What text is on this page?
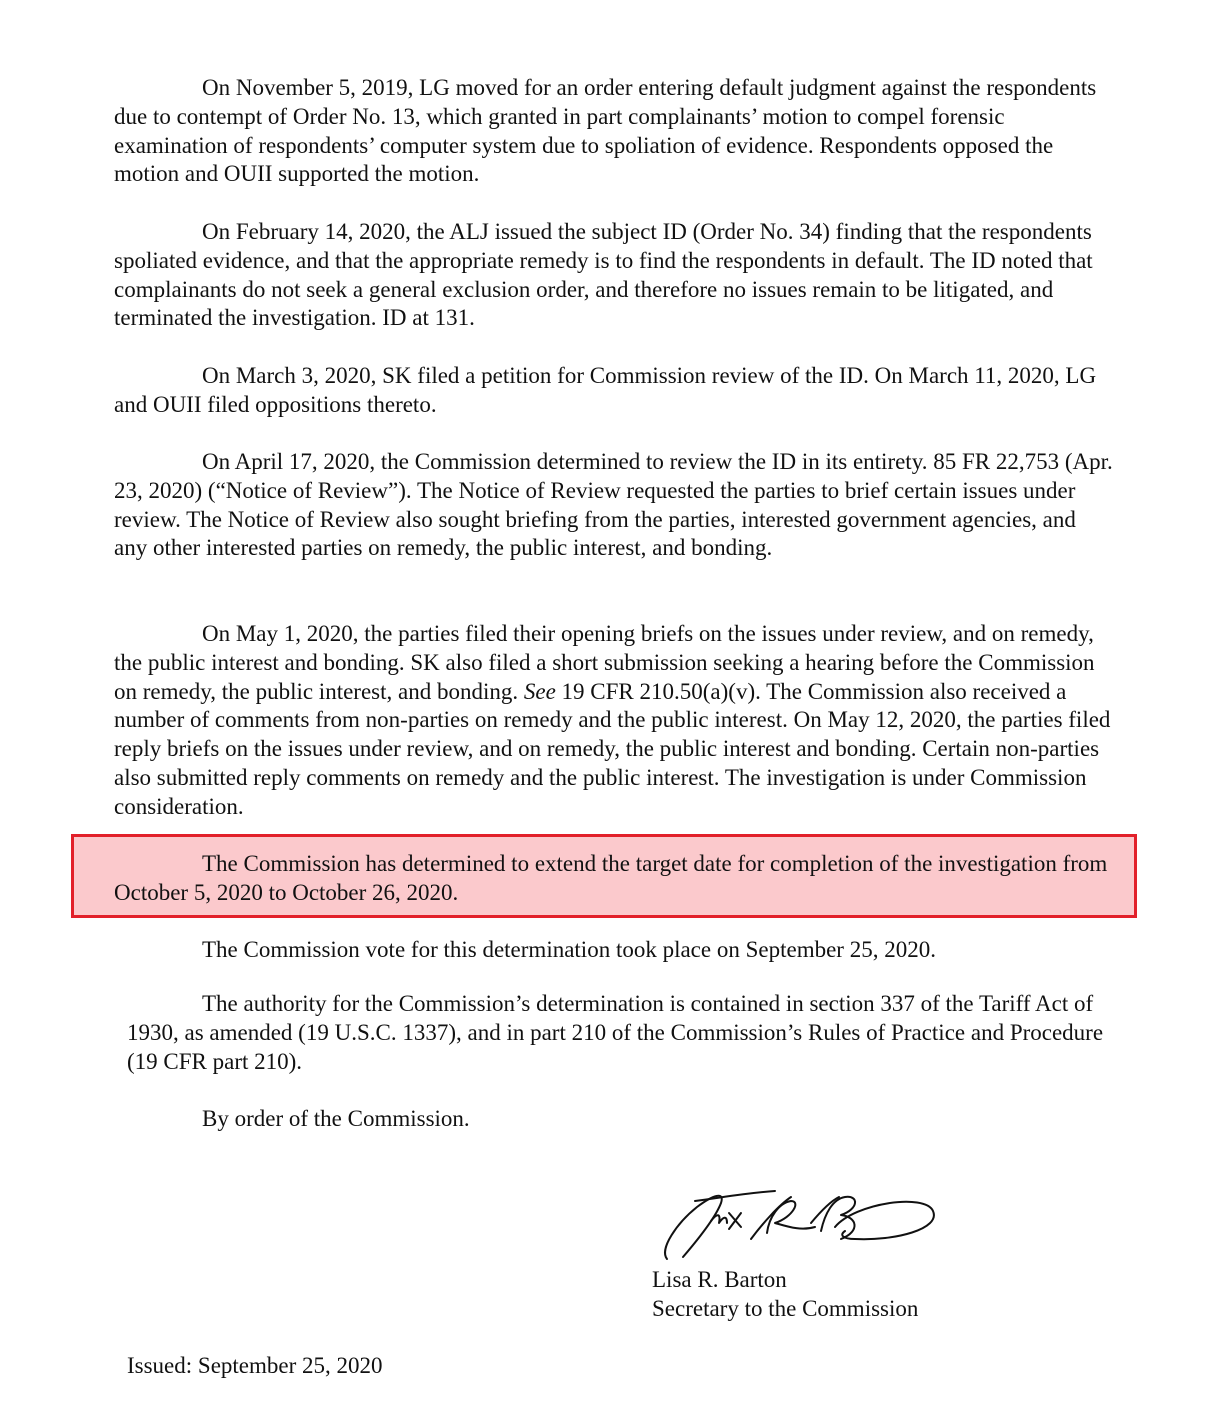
On November 5, 2019, LG moved for an order entering default judgment against the respondents due to contempt of Order No. 13, which granted in part complainants’ motion to compel forensic examination of respondents’ computer system due to spoliation of evidence. Respondents opposed the motion and OUII supported the motion.

On February 14, 2020, the ALJ issued the subject ID (Order No. 34) finding that the respondents spoliated evidence, and that the appropriate remedy is to find the respondents in default. The ID noted that complainants do not seek a general exclusion order, and therefore no issues remain to be litigated, and terminated the investigation. ID at 131.

On March 3, 2020, SK filed a petition for Commission review of the ID. On March 11, 2020, LG and OUII filed oppositions thereto.

On April 17, 2020, the Commission determined to review the ID in its entirety. 85 FR 22,753 (Apr. 23, 2020) (“Notice of Review”). The Notice of Review requested the parties to brief certain issues under review. The Notice of Review also sought briefing from the parties, interested government agencies, and any other interested parties on remedy, the public interest, and bonding.

On May 1, 2020, the parties filed their opening briefs on the issues under review, and on remedy, the public interest and bonding. SK also filed a short submission seeking a hearing before the Commission on remedy, the public interest, and bonding. See 19 CFR 210.50(a)(v). The Commission also received a number of comments from non-parties on remedy and the public interest. On May 12, 2020, the parties filed reply briefs on the issues under review, and on remedy, the public interest and bonding. Certain non-parties also submitted reply comments on remedy and the public interest. The investigation is under Commission consideration.

The Commission has determined to extend the target date for completion of the investigation from October 5, 2020 to October 26, 2020.

The Commission vote for this determination took place on September 25, 2020.

The authority for the Commission’s determination is contained in section 337 of the Tariff Act of 1930, as amended (19 U.S.C. 1337), and in part 210 of the Commission’s Rules of Practice and Procedure (19 CFR part 210).

By order of the Commission.

Lisa R. Barton
Secretary to the Commission
Issued: September 25, 2020
